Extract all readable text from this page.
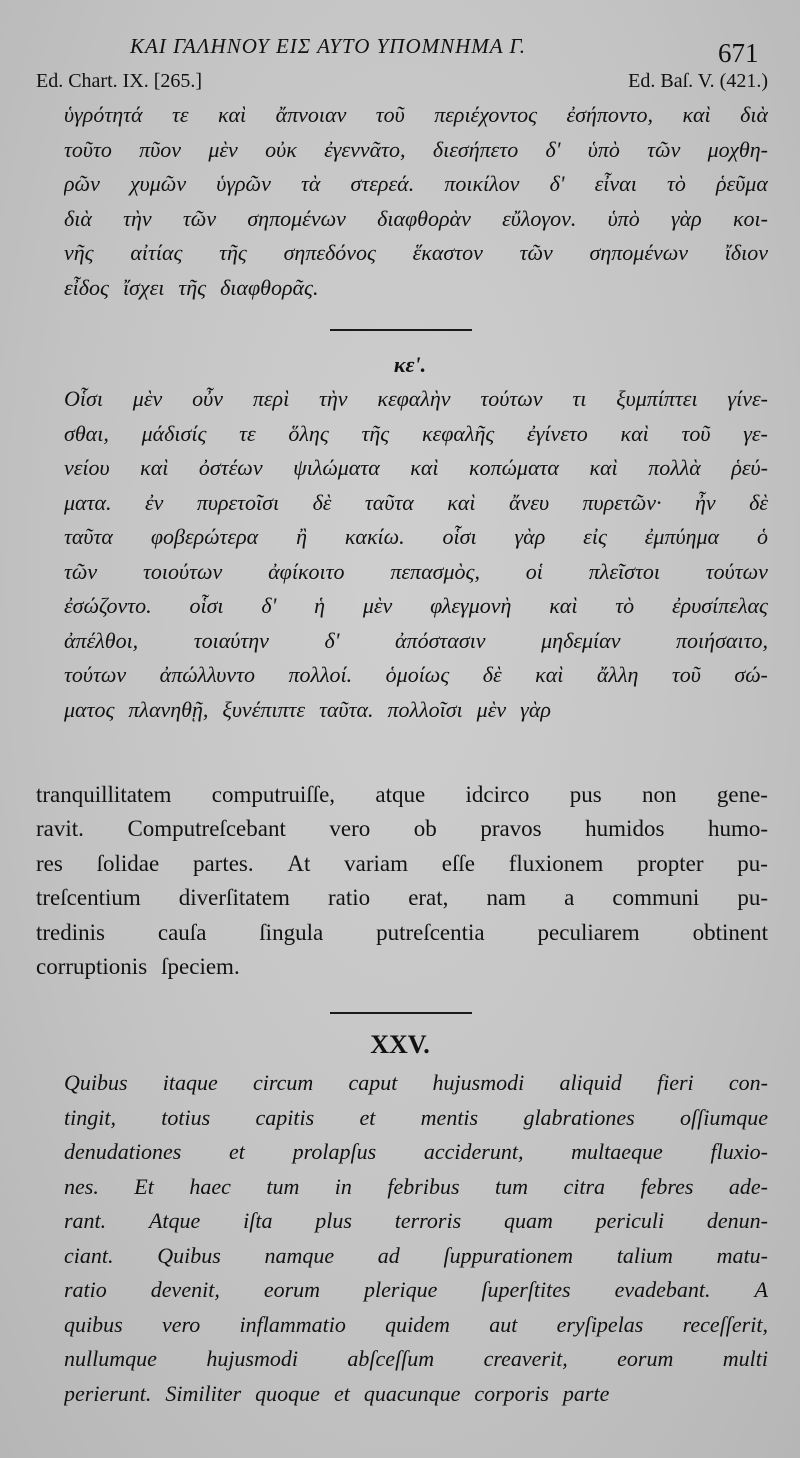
ΚΑΙ ΓΑΛΗΝΟΥ ΕΙΣ ΑΥΤΟ ΥΠΟΜΝΗΜΑ Γ.	671
Ed. Chart. IX. [265.]	Ed. Baſ. V. (421.)
ὑγρότητά τε καὶ ἄπνοιαν τοῦ περιέχοντος ἐσήποντο, καὶ διὰ
τοῦτο πῦον μὲν οὐκ ἐγεννᾶτο, διεσήπετο δ' ὑπὸ τῶν μοχθη-
ρῶν χυμῶν ὑγρῶν τὰ στερεά. ποικίλον δ' εἶναι τὸ ῥεῦμα
διὰ τὴν τῶν σηπομένων διαφθορὰν εὔλογον. ὑπὸ γὰρ κοι-
νῆς αἰτίας τῆς σηπεδόνος ἕκαστον τῶν σηπομένων ἴδιον
εἶδος ἴσχει τῆς διαφθορᾶς.
κε'.
Οἷσι μὲν οὖν περὶ τὴν κεφαλὴν τούτων τι ξυμπίπτει γίνε-
σθαι, μάδισίς τε ὅλης τῆς κεφαλῆς ἐγίνετο καὶ τοῦ γε-
νείου καὶ ὀστέων ψιλώματα καὶ κοπώματα καὶ πολλὰ ῥεύ-
ματα. ἐν πυρετοῖσι δὲ ταῦτα καὶ ἄνευ πυρετῶν· ἦν δὲ
ταῦτα φοβερώτερα ἢ κακίω. οἷσι γὰρ εἰς ἐμπύημα ὁ
τῶν τοιούτων ἀφίκοιτο πεπασμὸς, οἱ πλεῖστοι τούτων
ἐσώζοντο. οἷσι δ' ἡ μὲν φλεγμονὴ καὶ τὸ ἐρυσίπελας
ἀπέλθοι,	τοιαύτην	δ'	ἀπόστασιν	μηδεμίαν	ποιήσαιτο,
τούτων ἀπώλλυντο πολλοί. ὁμοίως δὲ καὶ ἄλλη τοῦ σώ-
ματος πλανηθῇ, ξυνέπιπτε ταῦτα. πολλοῖσι μὲν γὰρ
tranquillitatem computruiſſe, atque idcirco pus non gene-
ravit. Computreſcebant vero ob pravos humidos humo-
res ſolidae partes. At variam eſſe fluxionem propter pu-
treſcentium diverſitatem ratio erat, nam a communi pu-
tredinis cauſa ſingula putreſcentia peculiarem obtinent
corruptionis ſpeciem.
XXV.
Quibus itaque circum caput hujusmodi aliquid fieri con-
tingit, totius capitis et mentis glabrationes oſſiumque
denudationes et prolapſus acciderunt, multaeque fluxio-
nes. Et haec tum in febribus tum citra febres ade-
rant. Atque iſta plus terroris quam periculi denun-
ciant. Quibus namque ad ſuppurationem talium matu-
ratio devenit, eorum plerique ſuperſtites evadebant. A
quibus vero inflammatio quidem aut eryſipelas receſſerit,
nullumque hujusmodi abſceſſum creaverit, eorum multi
perierunt. Similiter quoque et quacunque corporis parte
